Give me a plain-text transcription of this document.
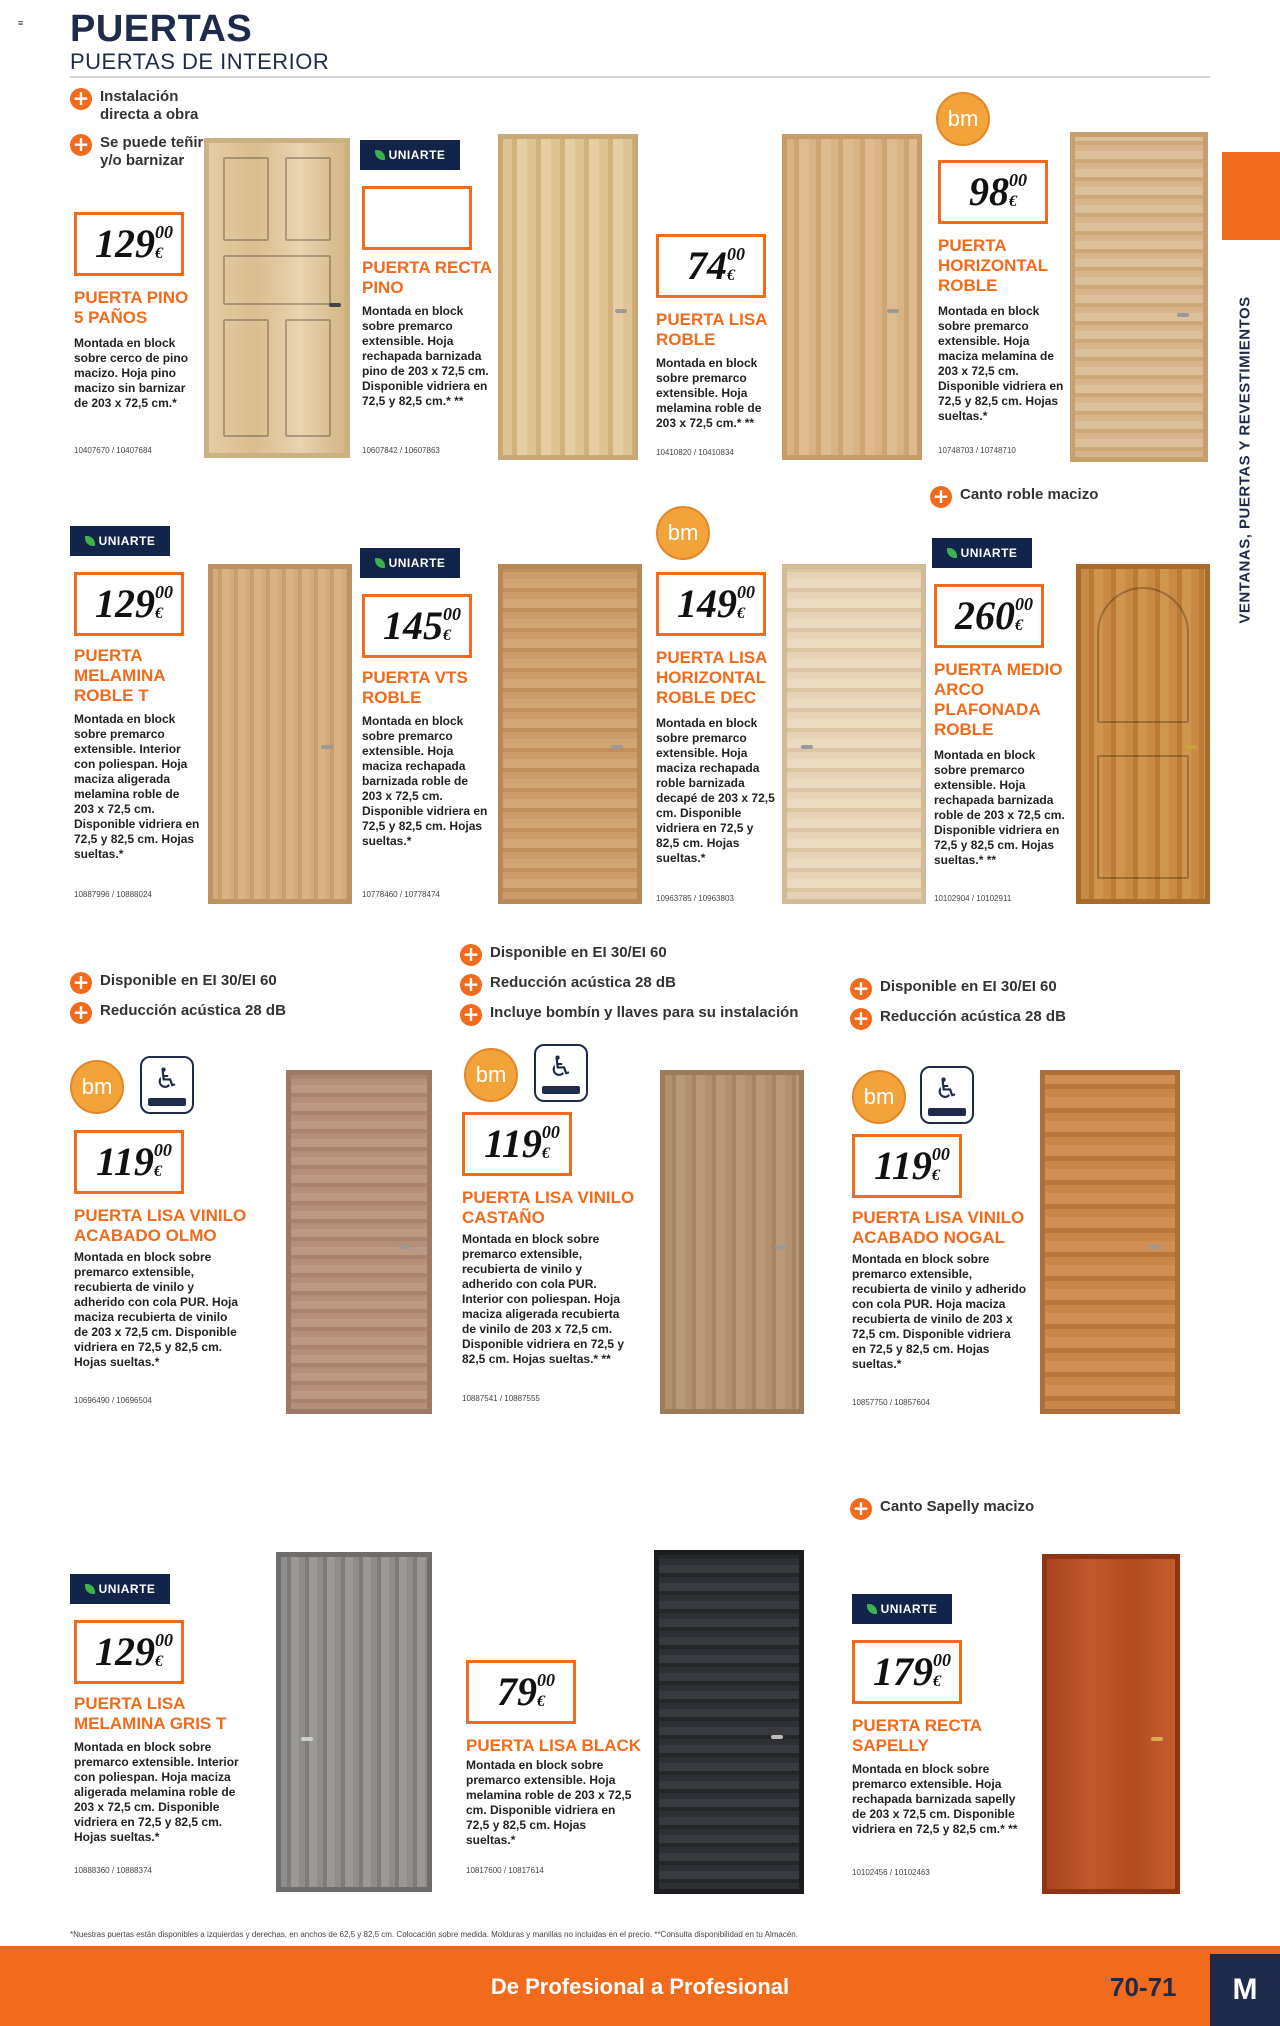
≡ PUERTAS
PUERTAS DE INTERIOR
VENTANAS, PUERTAS Y REVESTIMIENTOS
+ Instalación directa a obra
+ Se puede teñir y/o barnizar
129 00
€
PUERTA PINO 5 PAÑOS
Montada en block sobre cerco de pino macizo. Hoja pino macizo sin barnizar de 203 x 72,5 cm.*
10407670 / 10407684
UNIARTE
PUERTA RECTA PINO
Montada en block sobre premarco extensible. Hoja rechapada barnizada pino de 203 x 72,5 cm. Disponible vidriera en 72,5 y 82,5 cm.* **
10607842 / 10607863
74 00
€
PUERTA LISA ROBLE
Montada en block sobre premarco extensible. Hoja melamina roble de 203 x 72,5 cm.* **
10410820 / 10410834
bm
98 00
€
PUERTA HORIZONTAL ROBLE
Montada en block sobre premarco extensible. Hoja maciza melamina de 203 x 72,5 cm. Disponible vidriera en 72,5 y 82,5 cm. Hojas sueltas.*
10748703 / 10748710
+ Canto roble macizo
UNIARTE
129 00
€
PUERTA MELAMINA ROBLE T
Montada en block sobre premarco extensible. Interior con poliespan. Hoja maciza aligerada melamina roble de 203 x 72,5 cm. Disponible vidriera en 72,5 y 82,5 cm. Hojas sueltas.*
10887996 / 10888024
UNIARTE
145 00
€
PUERTA VTS ROBLE
Montada en block sobre premarco extensible. Hoja maciza rechapada barnizada roble de 203 x 72,5 cm. Disponible vidriera en 72,5 y 82,5 cm. Hojas sueltas.*
10778460 / 10778474
bm
149 00
€
PUERTA LISA HORIZONTAL ROBLE DEC
Montada en block sobre premarco extensible. Hoja maciza rechapada roble barnizada decapé de 203 x 72,5 cm. Disponible vidriera en 72,5 y 82,5 cm. Hojas sueltas.*
10963785 / 10963803
UNIARTE
260 00
€
PUERTA MEDIO ARCO PLAFONADA ROBLE
Montada en block sobre premarco extensible. Hoja rechapada barnizada roble de 203 x 72,5 cm. Disponible vidriera en 72,5 y 82,5 cm. Hojas sueltas.* **
10102904 / 10102911
+ Disponible en EI 30/EI 60
+ Reducción acústica 28 dB
+ Disponible en EI 30/EI 60
+ Reducción acústica 28 dB
+ Incluye bombín y llaves para su instalación
+ Disponible en EI 30/EI 60
+ Reducción acústica 28 dB
bm	♿
119 00
€
PUERTA LISA VINILO ACABADO OLMO
Montada en block sobre premarco extensible, recubierta de vinilo y adherido con cola PUR. Hoja maciza recubierta de vinilo de 203 x 72,5 cm. Disponible vidriera en 72,5 y 82,5 cm. Hojas sueltas.*
10696490 / 10696504
bm	♿
119 00
€
PUERTA LISA VINILO CASTAÑO
Montada en block sobre premarco extensible, recubierta de vinilo y adherido con cola PUR. Interior con poliespan. Hoja maciza aligerada recubierta de vinilo de 203 x 72,5 cm. Disponible vidriera en 72,5 y 82,5 cm. Hojas sueltas.* **
10887541 / 10887555
bm	♿
119 00
€
PUERTA LISA VINILO ACABADO NOGAL
Montada en block sobre premarco extensible, recubierta de vinilo y adherido con cola PUR. Hoja maciza recubierta de vinilo de 203 x 72,5 cm. Disponible vidriera en 72,5 y 82,5 cm. Hojas sueltas.*
10857750 / 10857604
+ Canto Sapelly macizo
UNIARTE
129 00
€
PUERTA LISA MELAMINA GRIS T
Montada en block sobre premarco extensible. Interior con poliespan. Hoja maciza aligerada melamina roble de 203 x 72,5 cm. Disponible vidriera en 72,5 y 82,5 cm. Hojas sueltas.*
10888360 / 10888374
79 00
€
PUERTA LISA BLACK
Montada en block sobre premarco extensible. Hoja melamina roble de 203 x 72,5 cm. Disponible vidriera en 72,5 y 82,5 cm. Hojas sueltas.*
10817600 / 10817614
UNIARTE
179 00
€
PUERTA RECTA SAPELLY
Montada en block sobre premarco extensible. Hoja rechapada barnizada sapelly de 203 x 72,5 cm. Disponible vidriera en 72,5 y 82,5 cm.* **
10102456 / 10102463
*Nuestras puertas están disponibles a izquierdas y derechas, en anchos de 62,5 y 82,5 cm. Colocación sobre medida. Molduras y manillas no incluidas en el precio. **Consulta disponibilidad en tu Almacén.
De Profesional a Profesional	70-71	M
